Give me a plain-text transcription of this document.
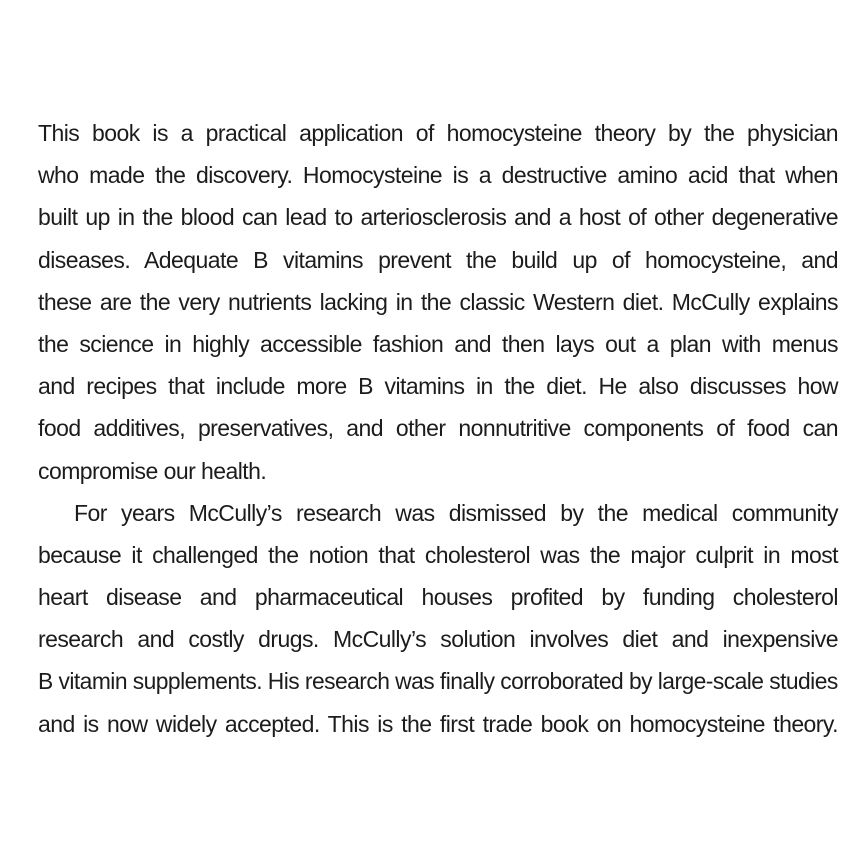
This book is a practical application of homocysteine theory by the physician
who made the discovery. Homocysteine is a destructive amino acid that when
built up in the blood can lead to arteriosclerosis and a host of other degenerative
diseases. Adequate B vitamins prevent the build up of homocysteine, and
these are the very nutrients lacking in the classic Western diet. McCully explains
the science in highly accessible fashion and then lays out a plan with menus
and recipes that include more B vitamins in the diet. He also discusses how
food additives, preservatives, and other nonnutritive components of food can
compromise our health.
For years McCully’s research was dismissed by the medical community
because it challenged the notion that cholesterol was the major culprit in most
heart disease and pharmaceutical houses profited by funding cholesterol
research and costly drugs. McCully’s solution involves diet and inexpensive
B vitamin supplements. His research was finally corroborated by large-scale studies
and is now widely accepted. This is the first trade book on homocysteine theory.
